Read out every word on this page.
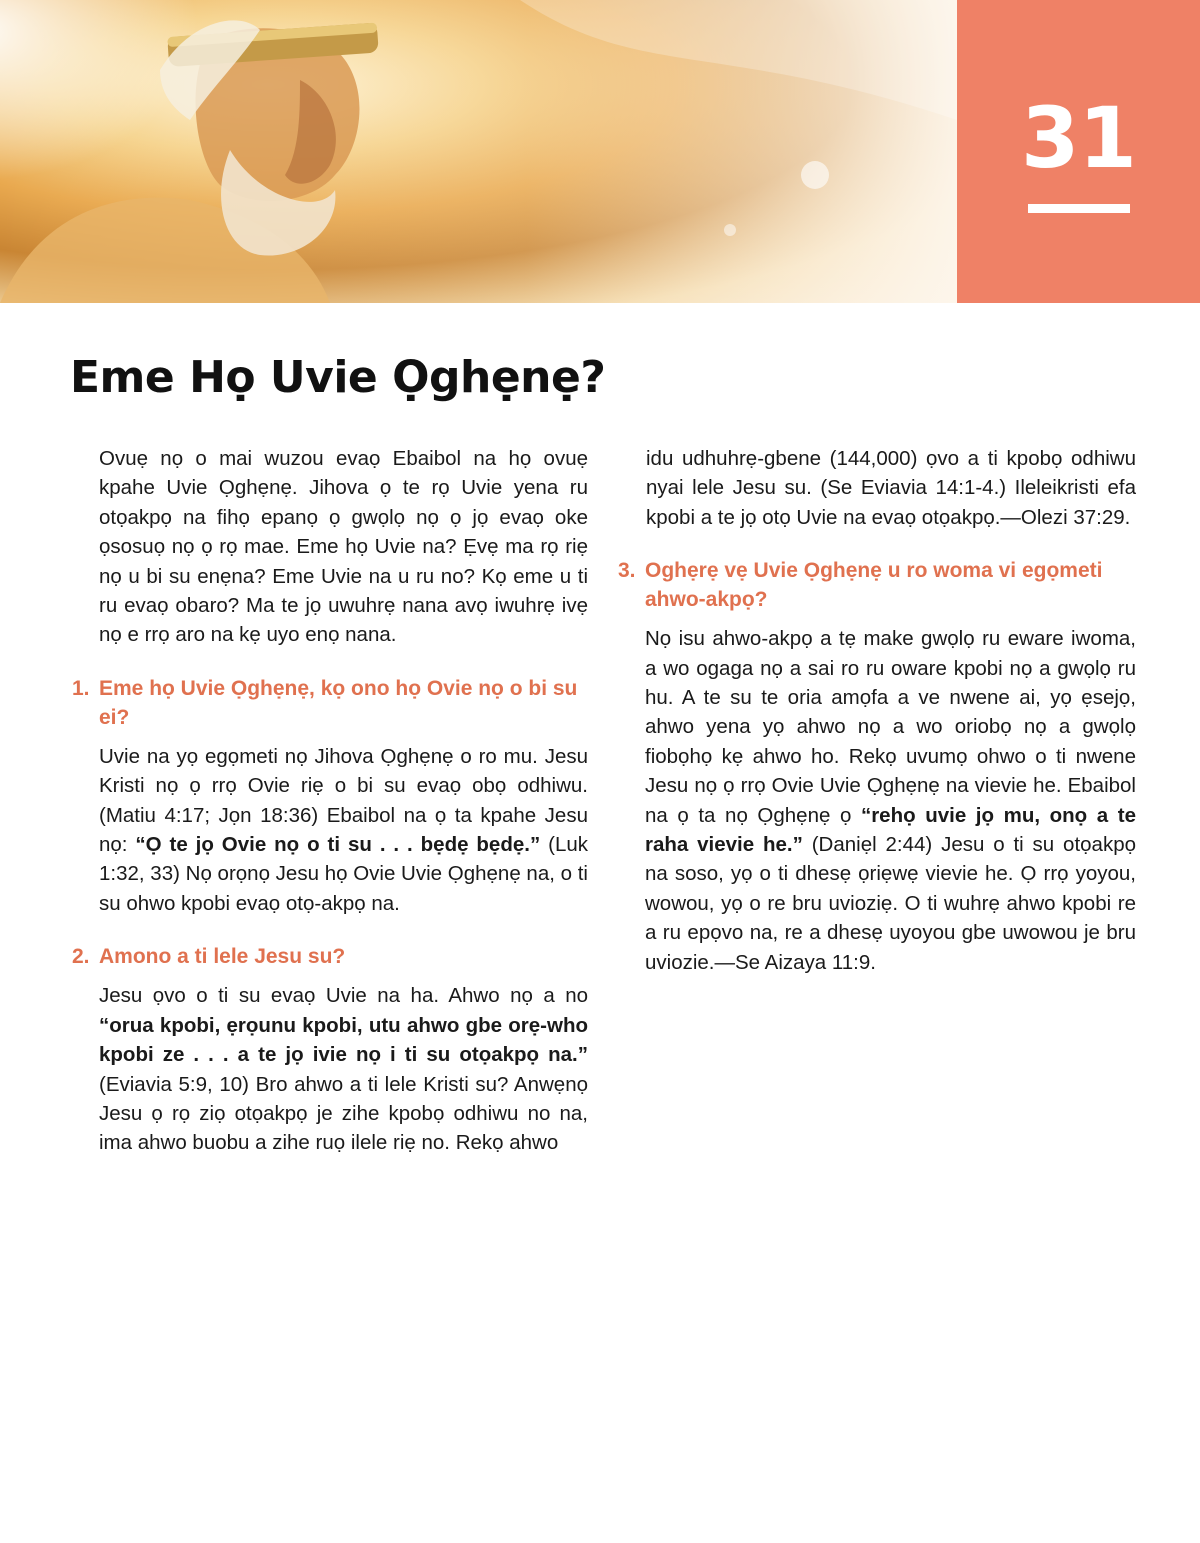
31
Eme Họ Uvie Ọghẹnẹ?

Ovuẹ nọ o mai wuzou evaọ Ebaibol na họ ovuẹ kpahe Uvie Ọghẹnẹ. Jihova ọ te rọ Uvie yena ru otọakpọ na fihọ epanọ ọ gwọlọ nọ ọ jọ evaọ oke ọsosuọ nọ ọ rọ mae. Eme họ Uvie na? Ẹvẹ ma rọ riẹ nọ u bi su enẹna? Eme Uvie na u ru no? Kọ eme u ti ru evaọ obaro? Ma te jọ uwuhrẹ nana avọ iwuhrẹ ivẹ nọ e rrọ aro na kẹ uyo enọ nana.

1. Eme họ Uvie Ọghẹnẹ, kọ ono họ Ovie nọ o bi su ei?

Uvie na yọ egọmeti nọ Jihova Ọghẹnẹ o ro mu. Jesu Kristi nọ ọ rrọ Ovie riẹ o bi su evaọ obọ odhiwu. (Matiu 4:17; Jọn 18:36) Ebaibol na ọ ta kpahe Jesu nọ: “Ọ te jọ Ovie nọ o ti su . . . bẹdẹ bẹdẹ.” (Luk 1:32, 33) Nọ orọnọ Jesu họ Ovie Uvie Ọghẹnẹ na, o ti su ohwo kpobi evaọ otọ-akpọ na.

2. Amono a ti lele Jesu su?

Jesu ọvo o ti su evaọ Uvie na ha. Ahwo nọ a no “orua kpobi, ẹrọunu kpobi, utu ahwo gbe orẹ-who kpobi ze . . . a te jọ ivie nọ i ti su otọakpọ na.” (Eviavia 5:9, 10) Bro ahwo a ti lele Kristi su? Anwẹnọ Jesu ọ rọ ziọ otọakpọ je zihe kpobọ odhiwu no na, ima ahwo buobu a zihe ruọ ilele riẹ no. Rekọ ahwo

idu udhuhrẹ-gbene (144,000) ọvo a ti kpobọ odhiwu nyai lele Jesu su. (Se Eviavia 14:1-4.) Ileleikristi efa kpobi a te jọ otọ Uvie na evaọ otọakpọ.—Olezi 37:29.

3. Oghẹrẹ vẹ Uvie Ọghẹnẹ u ro woma vi egọmeti ahwo-akpọ?

Nọ isu ahwo-akpọ a tẹ make gwọlọ ru eware iwoma, a wo ogaga nọ a sai ro ru oware kpobi nọ a gwọlọ ru hu. A te su te oria amọfa a ve nwene ai, yọ ẹsejọ, ahwo yena yọ ahwo nọ a wo oriobọ nọ a gwọlọ fiobọhọ kẹ ahwo ho. Rekọ uvumọ ohwo o ti nwene Jesu nọ ọ rrọ Ovie Uvie Ọghẹnẹ na vievie he. Ebaibol na ọ ta nọ Ọghẹnẹ ọ “rehọ uvie jọ mu, onọ a te raha vievie he.” (Daniẹl 2:44) Jesu o ti su otọakpọ na soso, yọ o ti dhesẹ ọriẹwẹ vievie he. Ọ rrọ yoyou, wowou, yọ o re bru uvioziẹ. O ti wuhrẹ ahwo kpobi re a ru epọvo na, re a dhesẹ uyoyou gbe uwowou je bru uviozie.—Se Aizaya 11:9.
